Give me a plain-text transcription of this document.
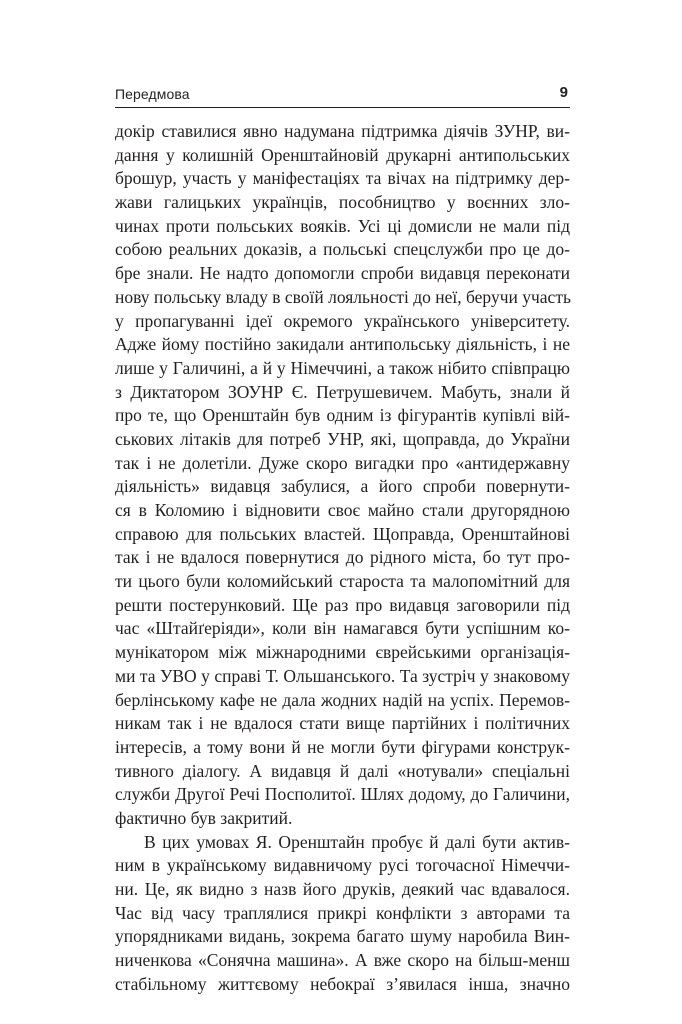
Передмова	9
докір ставилися явно надумана підтримка діячів ЗУНР, ви-
дання у колишній Оренштайновій друкарні антипольських
брошур, участь у маніфестаціях та вічах на підтримку дер-
жави галицьких українців, пособництво у воєнних зло-
чинах проти польських вояків. Усі ці домисли не мали під
собою реальних доказів, а польські спецслужби про це до-
бре знали. Не надто допомогли спроби видавця переконати
нову польську владу в своїй лояльності до неї, беручи участь
у пропагуванні ідеї окремого українського університету.
Адже йому постійно закидали антипольську діяльність, і не
лише у Галичині, а й у Німеччині, а також нібито співпрацю
з Диктатором ЗОУНР Є. Петрушевичем. Мабуть, знали й
про те, що Оренштайн був одним із фігурантів купівлі вій-
ськових літаків для потреб УНР, які, щоправда, до України
так і не долетіли. Дуже скоро вигадки про «антидержавну
діяльність» видавця забулися, а його спроби повернути-
ся в Коломию і відновити своє майно стали другорядною
справою для польських властей. Щоправда, Оренштайнові
так і не вдалося повернутися до рідного міста, бо тут про-
ти цього були коломийський староста та малопомітний для
решти постерунковий. Ще раз про видавця заговорили під
час «Штайґеріяди», коли він намагався бути успішним ко-
мунікатором між міжнародними єврейськими організація-
ми та УВО у справі Т. Ольшанського. Та зустріч у знаковому
берлінському кафе не дала жодних надій на успіх. Перемов-
никам так і не вдалося стати вище партійних і політичних
інтересів, а тому вони й не могли бути фігурами конструк-
тивного діалогу. А видавця й далі «нотували» спеціальні
служби Другої Речі Посполитої. Шлях додому, до Галичини,
фактично був закритий.
В цих умовах Я. Оренштайн пробує й далі бути актив-
ним в українському видавничому русі тогочасної Німеччи-
ни. Це, як видно з назв його друків, деякий час вдавалося.
Час від часу траплялися прикрі конфлікти з авторами та
упорядниками видань, зокрема багато шуму наробила Вин-
ниченкова «Сонячна машина». А вже скоро на більш-менш
стабільному життєвому небокраї з’явилася інша, значно
